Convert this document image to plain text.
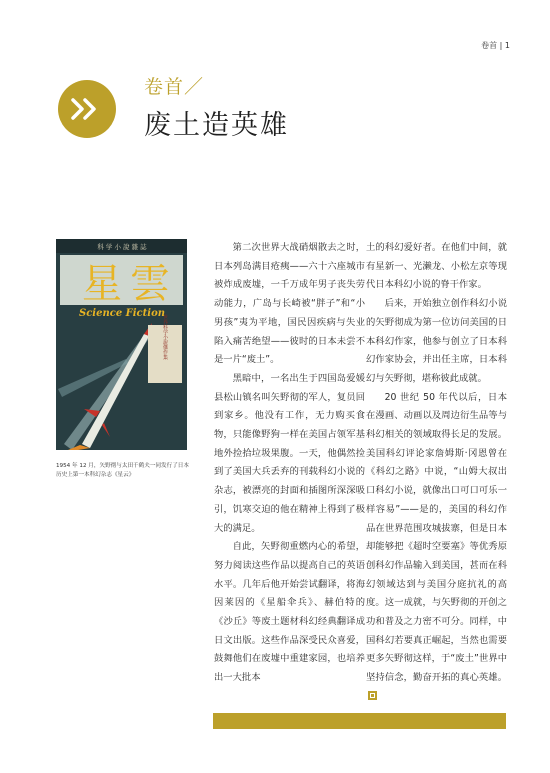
卷首 | 1
卷首／
废土造英雄
科 学 小 說 雜 誌
星 雲
Science Fiction
世界科学小說傑作集
1954 年 12 月，矢野彻与太田千鹤夫一同发行了日本历史上第一本科幻杂志《星云》

第二次世界大战硝烟散去之时，日本列岛满目疮痍——六十六座城市被炸成废墟，一千万成年男子丧失劳动能力，广岛与长崎被“胖子”和“小男孩”夷为平地，国民因疾病与失业陷入痛苦绝望——彼时的日本未尝不是一片“废土”。

黑暗中，一名出生于四国岛爱媛县松山镇名叫矢野彻的军人，复员回到家乡。他没有工作，无力购买食物，只能像野狗一样在美国占领军基地外捡拾垃圾果腹。一天，他偶然捡到了美国大兵丢弃的刊载科幻小说的杂志，被漂亮的封面和插图所深深吸引，饥寒交迫的他在精神上得到了极大的满足。

自此，矢野彻重燃内心的希望，努力阅读这些作品以提高自己的英语水平。几年后他开始尝试翻译，将海因莱因的《星船伞兵》、赫伯特的《沙丘》等废土题材科幻经典翻译成日文出版。这些作品深受民众喜爱，鼓舞他们在废墟中重建家园，也培养出一大批本

土的科幻爱好者。在他们中间，就有星新一、光濑龙、小松左京等现代日本科幻小说的脊干作家。

后来，开始独立创作科幻小说的矢野彻成为第一位访问美国的日本科幻作家，他参与创立了日本科幻作家协会，并出任主席，日本科幻与矢野彻，堪称彼此成就。

20 世纪 50 年代以后，日本在漫画、动画以及周边衍生品等与科幻相关的领域取得长足的发展。美国科幻评论家詹姆斯·冈恩曾在《科幻之路》中说，“山姆大叔出口科幻小说，就像出口可口可乐一样容易”——是的，美国的科幻作品在世界范围攻城拔寨，但是日本却能够把《超时空要塞》等优秀原创科幻作品输入到美国，甚而在科幻领域达到与美国分庭抗礼的高度。这一成就，与矢野彻的开创之功和普及之力密不可分。同样，中国科幻若要真正崛起，当然也需要更多矢野彻这样，于“废土”世界中坚持信念，勤奋开拓的真心英雄。
